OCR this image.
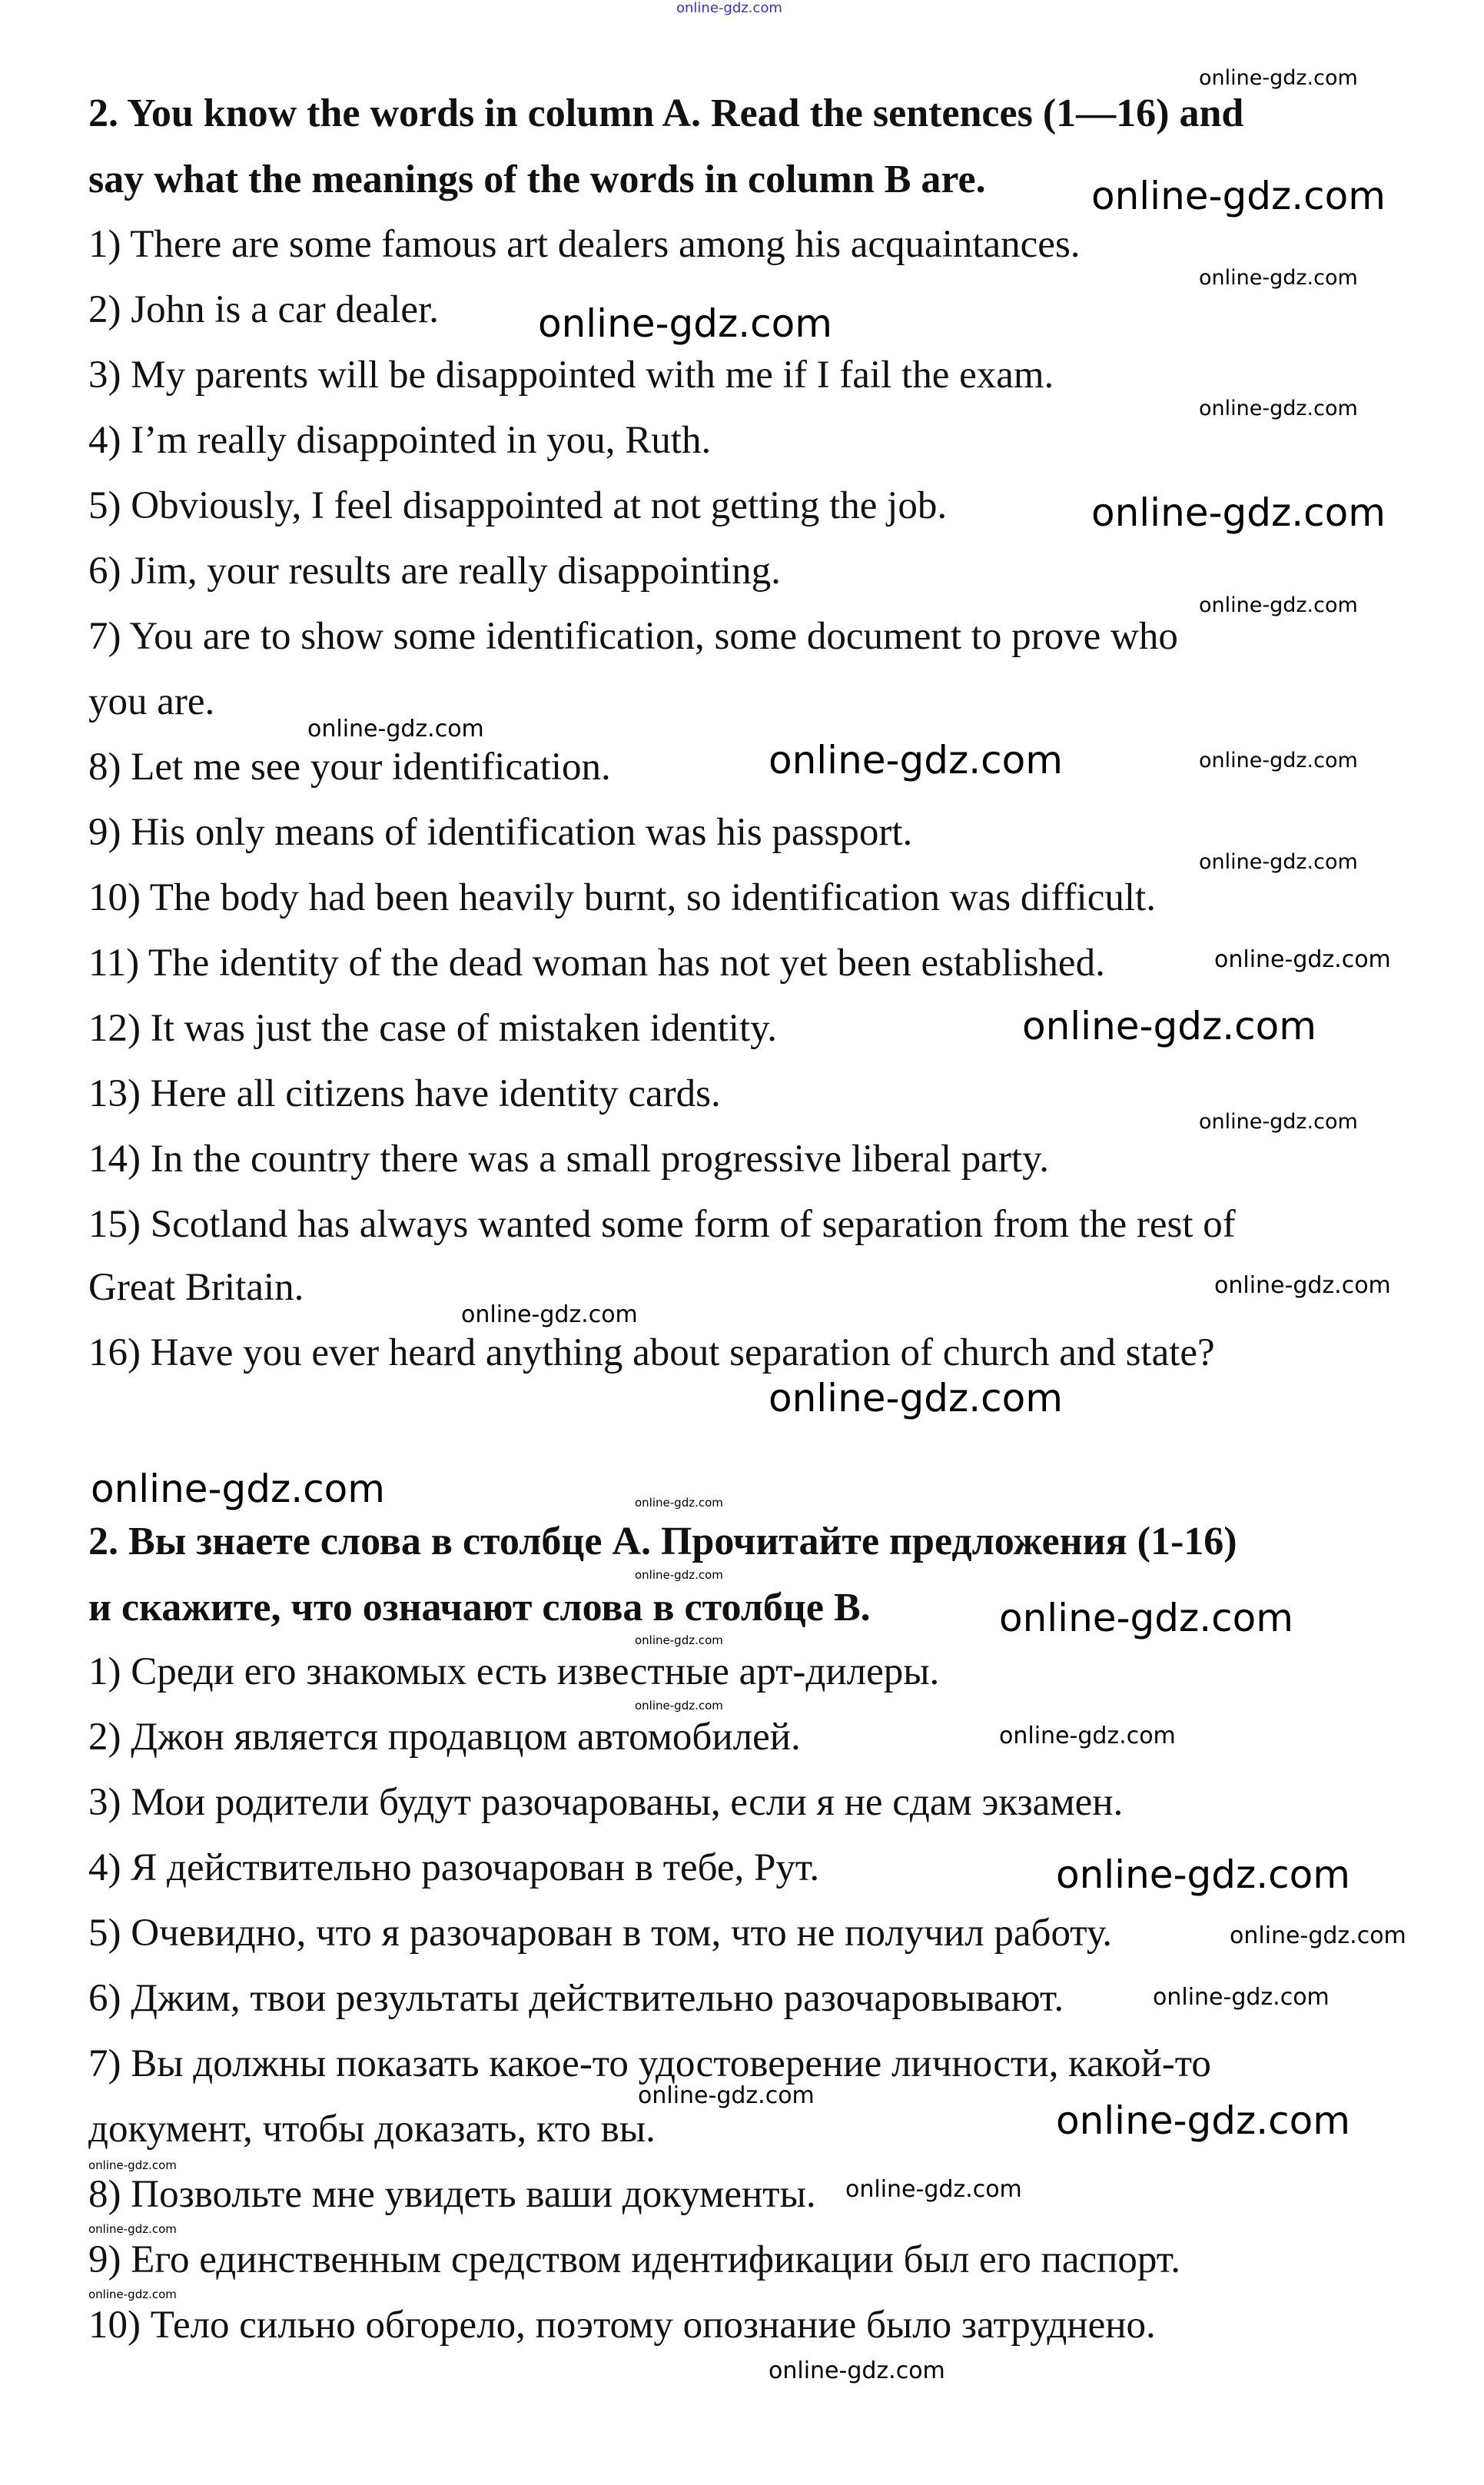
online-gdz.com
2. You know the words in column A. Read the sentences (1—16) and
say what the meanings of the words in column B are.
1) There are some famous art dealers among his acquaintances.
2) John is a car dealer.
3) My parents will be disappointed with me if I fail the exam.
4) I’m really disappointed in you, Ruth.
5) Obviously, I feel disappointed at not getting the job.
6) Jim, your results are really disappointing.
7) You are to show some identification, some document to prove who
you are.
8) Let me see your identification.
9) His only means of identification was his passport.
10) The body had been heavily burnt, so identification was difficult.
11) The identity of the dead woman has not yet been established.
12) It was just the case of mistaken identity.
13) Here all citizens have identity cards.
14) In the country there was a small progressive liberal party.
15) Scotland has always wanted some form of separation from the rest of
Great Britain.
16) Have you ever heard anything about separation of church and state?
2. Вы знаете слова в столбце А. Прочитайте предложения (1-16)
и скажите, что означают слова в столбце В.
1) Среди его знакомых есть известные арт-дилеры.
2) Джон является продавцом автомобилей.
3) Мои родители будут разочарованы, если я не сдам экзамен.
4) Я действительно разочарован в тебе, Рут.
5) Очевидно, что я разочарован в том, что не получил работу.
6) Джим, твои результаты действительно разочаровывают.
7) Вы должны показать какое-то удостоверение личности, какой-то
документ, чтобы доказать, кто вы.
8) Позвольте мне увидеть ваши документы.
9) Его единственным средством идентификации был его паспорт.
10) Тело сильно обгорело, поэтому опознание было затруднено.
online-gdz.com
online-gdz.com
online-gdz.com
online-gdz.com
online-gdz.com
online-gdz.com
online-gdz.com
online-gdz.com
online-gdz.com	online-gdz.com
online-gdz.com
online-gdz.com
online-gdz.com
online-gdz.com
online-gdz.com
online-gdz.com
online-gdz.com
online-gdz.com	online-gdz.com
online-gdz.com
online-gdz.com
online-gdz.com
online-gdz.com
online-gdz.com
online-gdz.com
online-gdz.com
online-gdz.com
online-gdz.com
online-gdz.com
online-gdz.com
online-gdz.com
online-gdz.com
online-gdz.com
online-gdz.com
